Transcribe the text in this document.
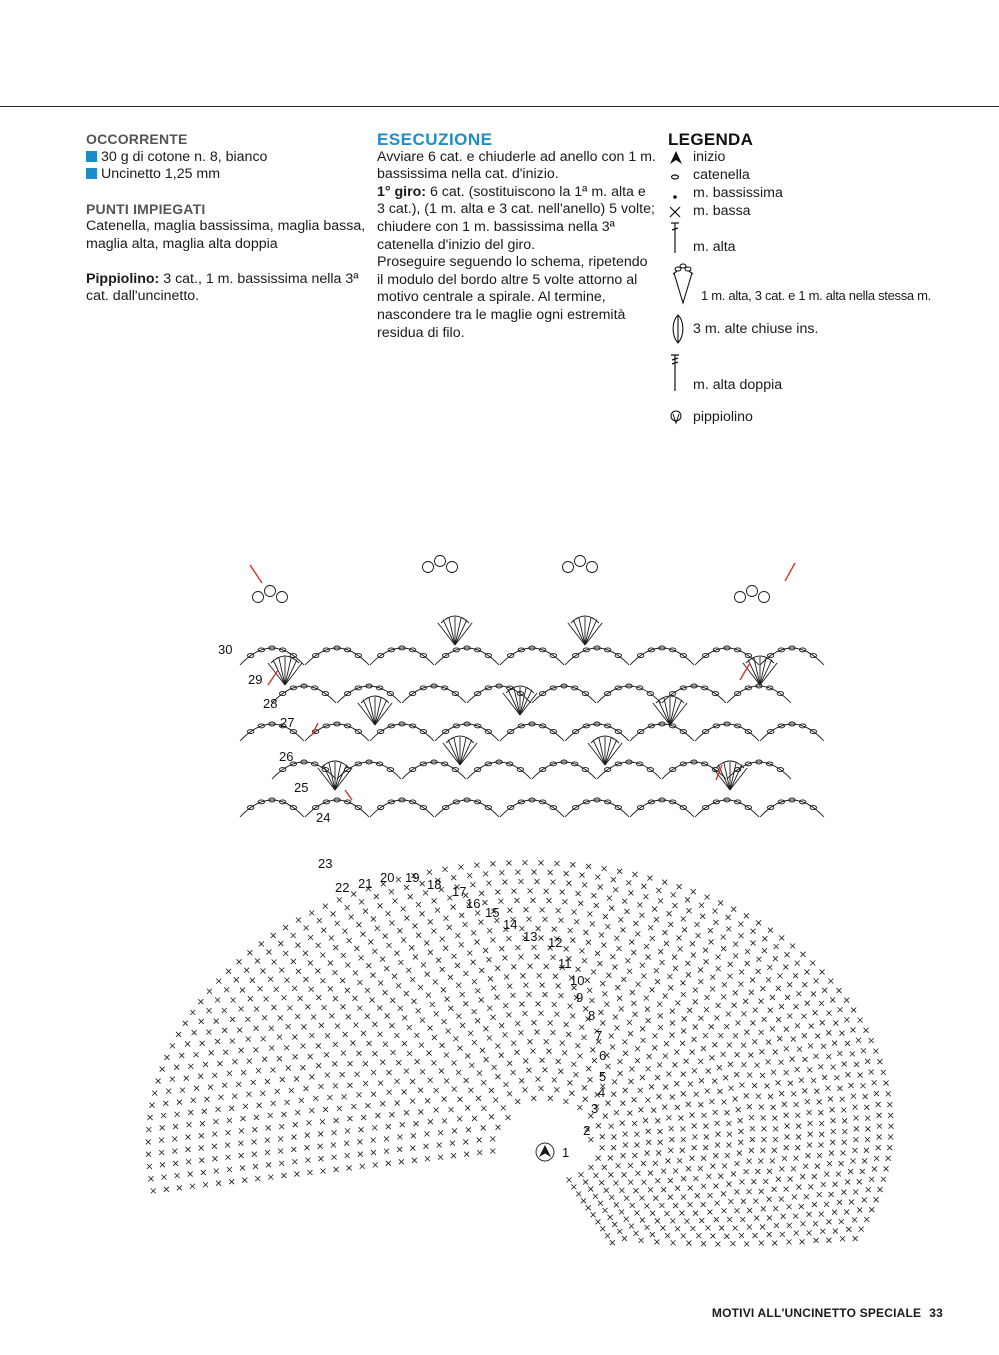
OCCORRENTE

30 g di cotone n. 8, bianco

Uncinetto 1,25 mm

PUNTI IMPIEGATI

Catenella, maglia bassissima, maglia bassa, maglia alta, maglia alta doppia

Pippiolino: 3 cat., 1 m. bassissima nella 3ª cat. dall'uncinetto.

ESECUZIONE

Avviare 6 cat. e chiuderle ad anello con 1 m. bassissima nella cat. d'inizio.

1° giro: 6 cat. (sostituiscono la 1ª m. alta e 3 cat.), (1 m. alta e 3 cat. nell'anello) 5 volte; chiudere con 1 m. bassissima nella 3ª catenella d'inizio del giro.

Proseguire seguendo lo schema, ripetendo il modulo del bordo altre 5 volte attorno al motivo centrale a spirale. Al termine, nascondere tra le maglie ogni estremità residua di filo.

LEGENDA

inizio
catenella
m. bassissima
m. bassa
m. alta
1 m. alta, 3 cat. e 1 m. alta nella stessa m.
3 m. alte chiuse ins.
m. alta doppia
pippiolino
1
2
3
4
5
6
7
8
9
10
11
12
13
14
15
16
17
18
19
20
21
22
23
24
25
26
27
28
29
30
MOTIVI ALL'UNCINETTO SPECIALE 33
